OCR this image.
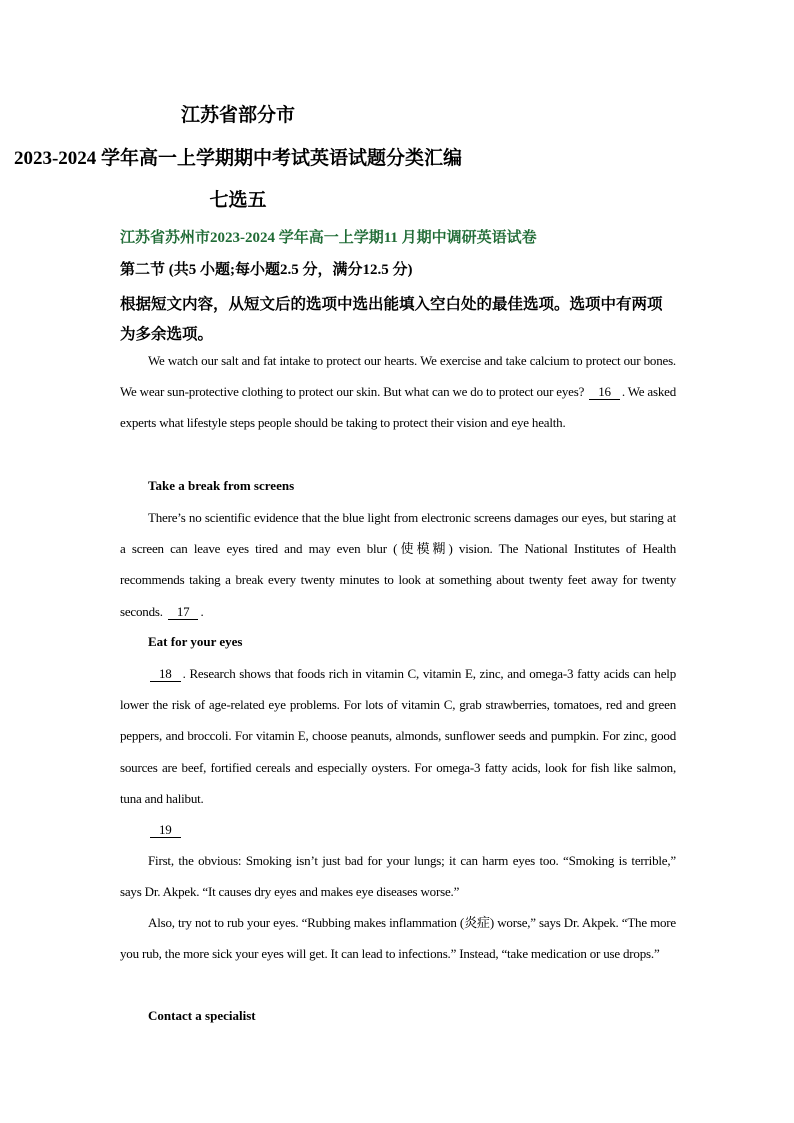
江苏省部分市
2023-2024 学年高一上学期期中考试英语试题分类汇编
七选五
江苏省苏州市2023-2024 学年高一上学期11 月期中调研英语试卷
第二节 (共5 小题;每小题2.5 分，满分12.5 分)
根据短文内容，从短文后的选项中选出能填入空白处的最佳选项。选项中有两项为多余选项。
We watch our salt and fat intake to protect our hearts. We exercise and take calcium to protect our bones. We wear sun-protective clothing to protect our skin. But what can we do to protect our eyes? 16 . We asked experts what lifestyle steps people should be taking to protect their vision and eye health.
Take a break from screens
There’s no scientific evidence that the blue light from electronic screens damages our eyes, but staring at a screen can leave eyes tired and may even blur (使模糊) vision. The National Institutes of Health recommends taking a break every twenty minutes to look at something about twenty feet away for twenty seconds. 17 .
Eat for your eyes
18 . Research shows that foods rich in vitamin C, vitamin E, zinc, and omega-3 fatty acids can help lower the risk of age-related eye problems. For lots of vitamin C, grab strawberries, tomatoes, red and green peppers, and broccoli. For vitamin E, choose peanuts, almonds, sunflower seeds and pumpkin. For zinc, good sources are beef, fortified cereals and especially oysters. For omega-3 fatty acids, look for fish like salmon, tuna and halibut.
19
First, the obvious: Smoking isn’t just bad for your lungs; it can harm eyes too. “Smoking is terrible,” says Dr. Akpek. “It causes dry eyes and makes eye diseases worse.”
Also, try not to rub your eyes. “Rubbing makes inflammation (炎症) worse,” says Dr. Akpek. “The more you rub, the more sick your eyes will get. It can lead to infections.” Instead, “take medication or use drops.”
Contact a specialist
